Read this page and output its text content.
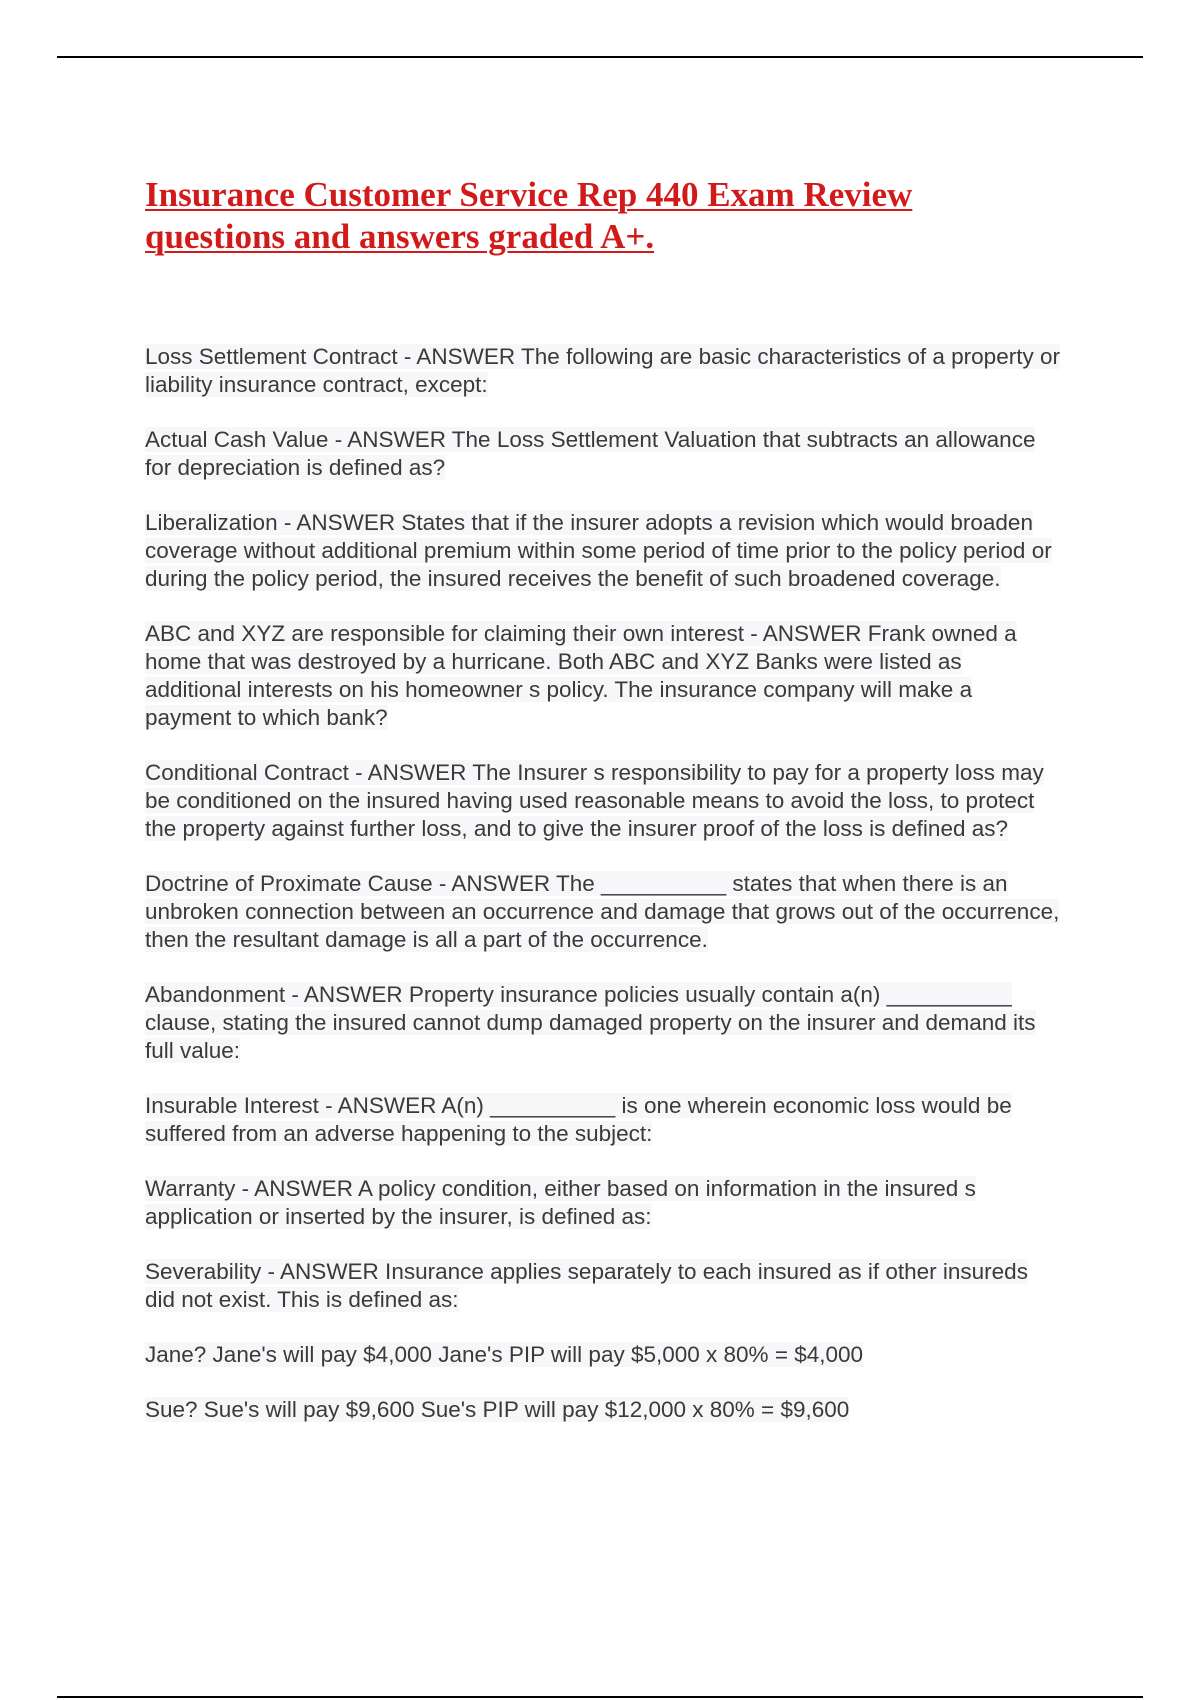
Insurance Customer Service Rep 440 Exam Review
questions and answers graded A+.
Loss Settlement Contract - ANSWER The following are basic characteristics of a property or liability insurance contract, except:
Actual Cash Value - ANSWER The Loss Settlement Valuation that subtracts an allowance for depreciation is defined as?
Liberalization - ANSWER States that if the insurer adopts a revision which would broaden coverage without additional premium within some period of time prior to the policy period or during the policy period, the insured receives the benefit of such broadened coverage.
ABC and XYZ are responsible for claiming their own interest - ANSWER Frank owned a home that was destroyed by a hurricane. Both ABC and XYZ Banks were listed as additional interests on his homeowner s policy. The insurance company will make a payment to which bank?
Conditional Contract - ANSWER The Insurer s responsibility to pay for a property loss may be conditioned on the insured having used reasonable means to avoid the loss, to protect the property against further loss, and to give the insurer proof of the loss is defined as?
Doctrine of Proximate Cause - ANSWER The __________ states that when there is an unbroken connection between an occurrence and damage that grows out of the occurrence, then the resultant damage is all a part of the occurrence.
Abandonment - ANSWER Property insurance policies usually contain a(n) __________ clause, stating the insured cannot dump damaged property on the insurer and demand its full value:
Insurable Interest - ANSWER A(n) __________ is one wherein economic loss would be suffered from an adverse happening to the subject:
Warranty - ANSWER A policy condition, either based on information in the insured s application or inserted by the insurer, is defined as:
Severability - ANSWER Insurance applies separately to each insured as if other insureds did not exist. This is defined as:
Jane? Jane's will pay $4,000 Jane's PIP will pay $5,000 x 80% = $4,000
Sue? Sue's will pay $9,600 Sue's PIP will pay $12,000 x 80% = $9,600
